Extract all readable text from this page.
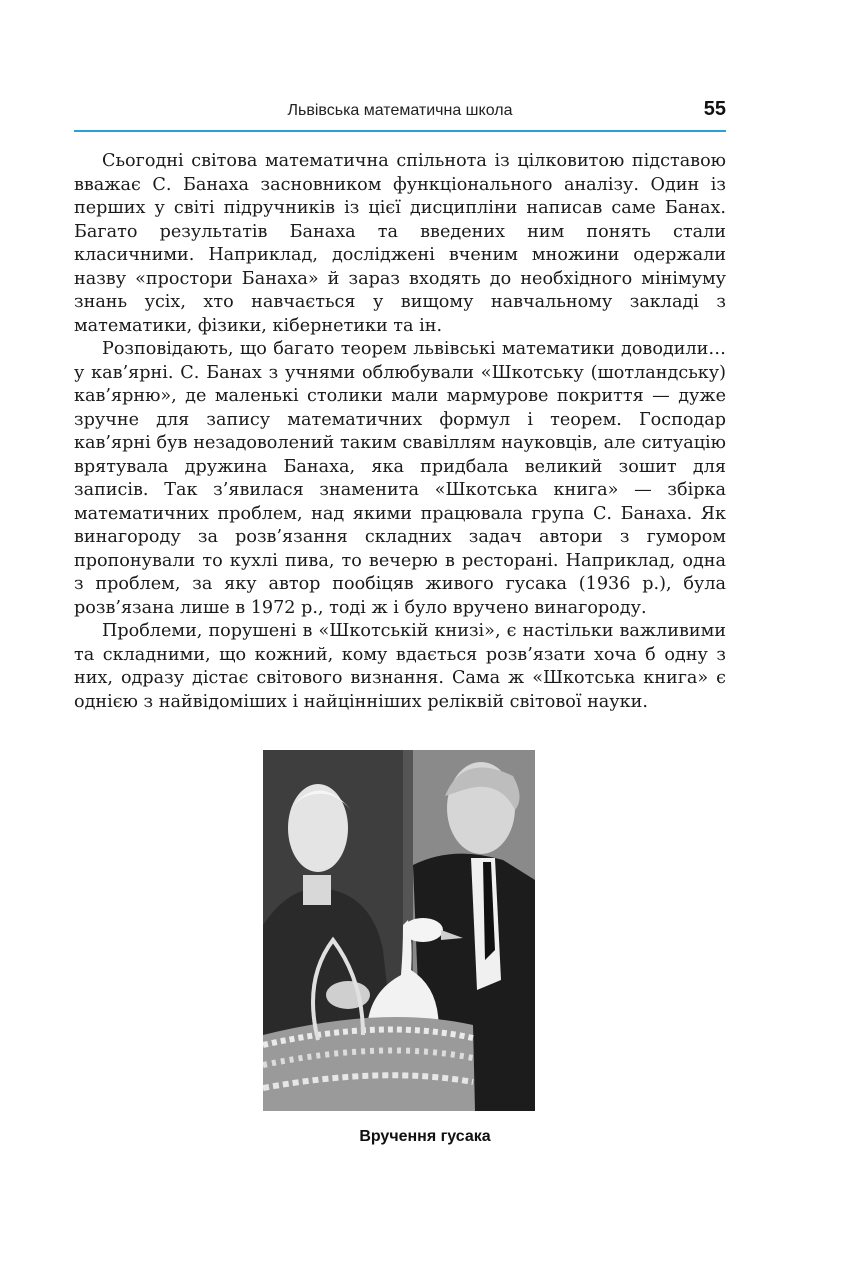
Львівська математична школа	55

Сьогодні світова математична спільнота із цілковитою підставою вважає С. Банаха засновником функціонального аналізу. Один із перших у світі підручників із цієї дисципліни написав саме Банах. Багато результатів Банаха та введених ним понять стали класичними. Наприклад, досліджені вченим множини одержали назву «простори Банаха» й зараз входять до необхідного мінімуму знань усіх, хто навчається у вищому навчальному закладі з математики, фізики, кібернетики та ін.

Розповідають, що багато теорем львівські математики доводили… у кав’ярні. С. Банах з учнями облюбували «Шкотську (шотландську) кав’ярню», де маленькі столики мали мармурове покриття — дуже зручне для запису математичних формул і теорем. Господар кав’ярні був незадоволений таким свавіллям науковців, але ситуацію врятувала дружина Банаха, яка придбала великий зошит для записів. Так з’явилася знаменита «Шкотська книга» — збірка математичних проблем, над якими працювала група С. Банаха. Як винагороду за розв’язання складних задач автори з гумором пропонували то кухлі пива, то вечерю в ресторані. Наприклад, одна з проблем, за яку автор пообіцяв живого гусака (1936 р.), була розв’язана лише в 1972 р., тоді ж і було вручено винагороду.

Проблеми, порушені в «Шкотській книзі», є настільки важливими та складними, що кожний, кому вдається розв’язати хоча б одну з них, одразу дістає світового визнання. Сама ж «Шкотська книга» є однією з найвідоміших і найцінніших реліквій світової науки.

Вручення гусака
